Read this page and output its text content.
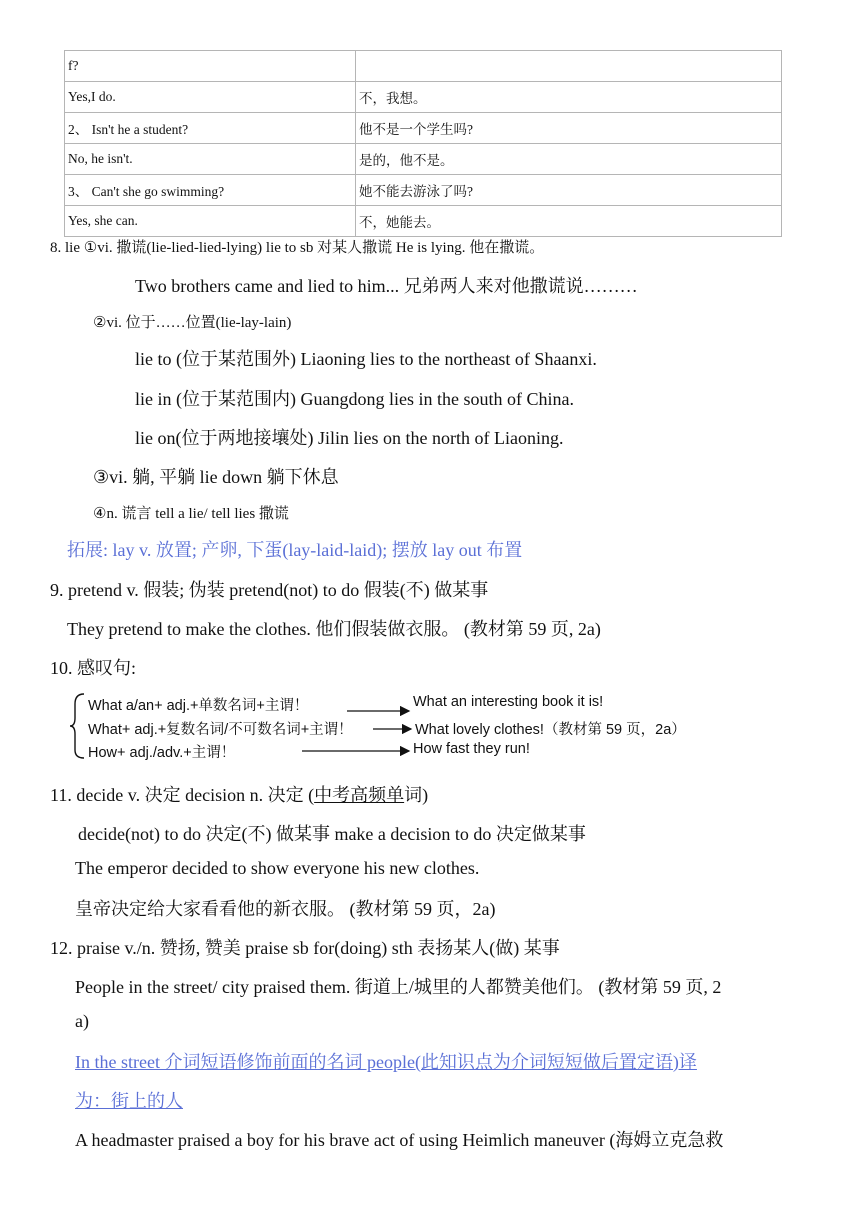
f?	
Yes,I do.	不，我想。
2、 Isn't he a student?	他不是一个学生吗?
No, he isn't.	是的，他不是。
3、 Can't she go swimming?	她不能去游泳了吗?
Yes, she can.	不，她能去。
8. lie ①vi. 撒谎(lie-lied-lied-lying) lie to sb 对某人撒谎 He is lying. 他在撒谎。
Two brothers came and lied to him... 兄弟两人来对他撒谎说………
②vi. 位于……位置(lie-lay-lain)
lie to (位于某范围外) Liaoning lies to the northeast of Shaanxi.
lie in (位于某范围内) Guangdong lies in the south of China.
lie on(位于两地接壤处) Jilin lies on the north of Liaoning.
③vi. 躺, 平躺 lie down 躺下休息
④n. 谎言 tell a lie/ tell lies 撒谎
拓展: lay v. 放置; 产卵, 下蛋(lay-laid-laid); 摆放 lay out 布置
9. pretend v. 假装; 伪装 pretend(not) to do 假装(不) 做某事
They pretend to make the clothes. 他们假装做衣服。 (教材第 59 页, 2a)
10. 感叹句:
What a/an+ adj.+单数名词+主谓！	What an interesting book it is!
What+ adj.+复数名词/不可数名词+主谓！	What lovely clothes!（教材第 59 页，2a）
How+ adj./adv.+主谓！	How fast they run!
11. decide v. 决定 decision n. 决定 (中考高频单词)
decide(not) to do 决定(不) 做某事 make a decision to do 决定做某事
The emperor decided to show everyone his new clothes.
皇帝决定给大家看看他的新衣服。 (教材第 59 页，2a)
12. praise v./n. 赞扬, 赞美 praise sb for(doing) sth 表扬某人(做) 某事
People in the street/ city praised them. 街道上/城里的人都赞美他们。 (教材第 59 页, 2
a)
In the street 介词短语修饰前面的名词 people(此知识点为介词短短做后置定语)译
为：街上的人
A headmaster praised a boy for his brave act of using Heimlich maneuver (海姆立克急救
